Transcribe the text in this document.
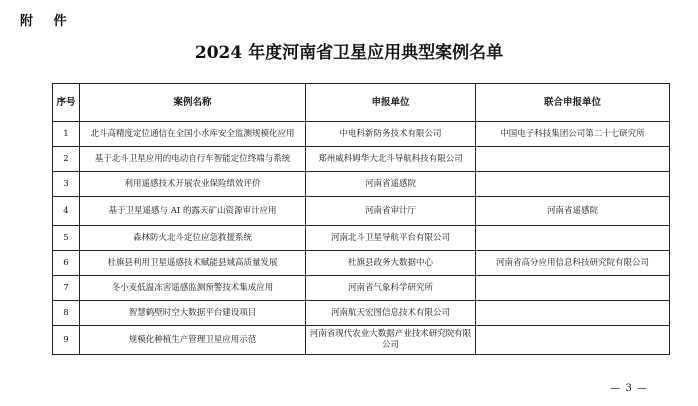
附 件
2024 年度河南省卫星应用典型案例名单
序号	案例名称	申报单位	联合申报单位
1	北斗高精度定位通信在全国小水库安全监测规模化应用	中电科新防务技术有限公司	中国电子科技集团公司第二十七研究所
2	基于北斗卫星应用的电动自行车智能定位终端与系统	郑州威科姆华大北斗导航科技有限公司	
3	利用遥感技术开展农业保险绩效评价	河南省遥感院	
4	基于卫星遥感与 AI 的露天矿山资源审计应用	河南省审计厅	河南省遥感院
5	森林防火北斗定位应急救援系统	河南北斗卫星导航平台有限公司	
6	杜旗县利用卫星遥感技术赋能县域高质量发展	杜旗县政务大数据中心	河南省高分应用信息科技研究院有限公司
7	冬小麦低温冻害遥感监测预警技术集成应用	河南省气象科学研究所	
8	智慧鹤壁时空大数据平台建设项目	河南航天宏图信息技术有限公司	
9	规模化种植生产管理卫星应用示范	河南省现代农业大数据产业技术研究院有限公司	
— 3 —
